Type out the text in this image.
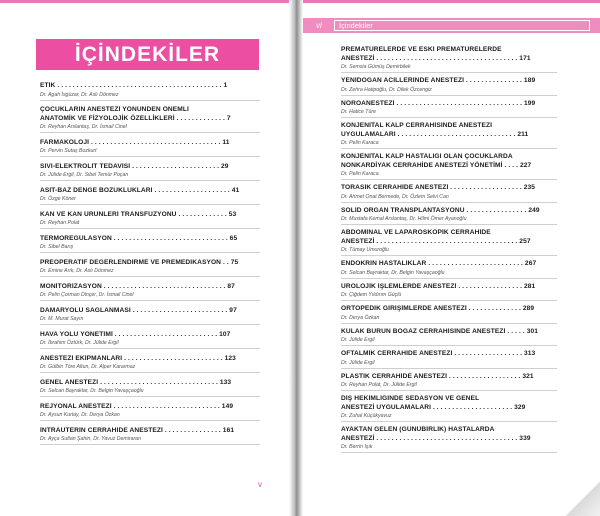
İÇİNDEKİLER
ETİK . . . . . . . . . . . . . . . . . . . . . . . . . . . . . . . . . . . . . . . . . . . 1
Dr. Agah İsgüzar, Dr. Aslı Dönmez
ÇOCUKLARIN ANESTEZİ YÖNÜNDEN ÖNEMLİ
ANATOMİK VE FİZYOLOJİK ÖZELLİKLERİ . . . . . . . . . . . . . 7
Dr. Reyhan Arslantaş, Dr. İsmail Cinel
FARMAKOLOJİ . . . . . . . . . . . . . . . . . . . . . . . . . . . . . . . . . . 11
Dr. Pervin Sutaş Bozkurt
SIVI-ELEKTROLİT TEDAVİSİ . . . . . . . . . . . . . . . . . . . . . . . 29
Dr. Jülide Ergil, Dr. Sibel Temür Poçan
ASİT-BAZ DENGE BOZUKLUKLARI . . . . . . . . . . . . . . . . . . . . 41
Dr. Özge Köner
KAN VE KAN ÜRÜNLERİ TRANSFÜZYONU . . . . . . . . . . . . . 53
Dr. Reyhan Polat
TERMOREGÜLASYON . . . . . . . . . . . . . . . . . . . . . . . . . . . . . . 65
Dr. Sibel Barış
PREOPERATİF DEĞERLENDİRME VE PREMEDİKASYON . . 75
Dr. Emine Arık, Dr. Aslı Dönmez
MONİTÖRİZASYON . . . . . . . . . . . . . . . . . . . . . . . . . . . . . . . . 87
Dr. Pelin Çorman Dinçer, Dr. İsmail Cinel
DAMARYOLU SAĞLANMASI . . . . . . . . . . . . . . . . . . . . . . . . . 97
Dr. M. Murat Sayın
HAVA YOLU YÖNETİMİ . . . . . . . . . . . . . . . . . . . . . . . . . . . 107
Dr. İbrahim Öztürk, Dr. Jülide Ergil
ANESTEZİ EKİPMANLARI . . . . . . . . . . . . . . . . . . . . . . . . . . 123
Dr. Gülbin Töre Altun, Dr. Alper Kararmaz
GENEL ANESTEZİ . . . . . . . . . . . . . . . . . . . . . . . . . . . . . . . 133
Dr. Selcan Bayraktar, Dr. Belgin Yavaşçaoğlu
REJYONAL ANESTEZİ . . . . . . . . . . . . . . . . . . . . . . . . . . . . 149
Dr. Aysun Kurtay, Dr. Derya Özkan
İNTRAUTERİN CERRAHİDE ANESTEZİ . . . . . . . . . . . . . . . 161
Dr. Ayça Sultan Şahin, Dr. Yavuz Demiraran
v
vi İçindekiler
PREMATÜRELERDE VE ESKİ PREMATÜRELERDE
ANESTEZİ . . . . . . . . . . . . . . . . . . . . . . . . . . . . . . . . . . . . . 171
Dr. Semsia Gümüş Demirbilek
YENİDOĞAN ACİLLERİNDE ANESTEZİ . . . . . . . . . . . . . . . 189
Dr. Zehra Hatipoğlu, Dr. Dilek Özcengiz
NÖROANESTEZİ . . . . . . . . . . . . . . . . . . . . . . . . . . . . . . . . . 199
Dr. Hatice Türe
KONJENİTAL KALP CERRAHİSİNDE ANESTEZİ
UYGULAMALARI . . . . . . . . . . . . . . . . . . . . . . . . . . . . . . . 211
Dr. Pelin Karaca
KONJENİTAL KALP HASTALIĞI OLAN ÇOCUKLARDA
NONKARDİYAK CERRAHİDE ANESTEZİ YÖNETİMİ . . . . 227
Dr. Pelin Karaca
TORASİK CERRAHİDE ANESTEZİ . . . . . . . . . . . . . . . . . . . 235
Dr. Ahmet Onat Bermede, Dr. Özlem Selvi Can
SOLİD ORGAN TRANSPLANTASYONU . . . . . . . . . . . . . . . . 249
Dr. Mustafa Kemal Arslantaş, Dr. Hilmi Ömer Ayanoğlu
ABDOMİNAL VE LAPAROSKOPİK CERRAHİDE
ANESTEZİ . . . . . . . . . . . . . . . . . . . . . . . . . . . . . . . . . . . . . 257
Dr. Tümay Umuroğlu
ENDOKRİN HASTALIKLAR . . . . . . . . . . . . . . . . . . . . . . . . . 267
Dr. Selcan Bayraktar, Dr. Belgin Yavaşçaoğlu
ÜROLOJİK İŞLEMLERDE ANESTEZİ . . . . . . . . . . . . . . . . . 281
Dr. Çiğdem Yıldırım Güçlü
ORTOPEDİK GİRİŞİMLERDE ANESTEZİ . . . . . . . . . . . . . . 289
Dr. Derya Özkan
KULAK BURUN BOĞAZ CERRAHİSİNDE ANESTEZİ . . . . . 301
Dr. Jülide Ergil
OFTALMİK CERRAHİDE ANESTEZİ . . . . . . . . . . . . . . . . . . 313
Dr. Jülide Ergil
PLASTİK CERRAHİDE ANESTEZİ . . . . . . . . . . . . . . . . . . . 321
Dr. Reyhan Polat, Dr. Jülide Ergil
DİŞ HEKİMLİĞİNDE SEDASYON VE GENEL
ANESTEZİ UYGULAMALARI . . . . . . . . . . . . . . . . . . . . . 329
Dr. Zuhal Küçükyavuz
AYAKTAN GELEN (GÜNÜBİRLİK) HASTALARDA
ANESTEZİ . . . . . . . . . . . . . . . . . . . . . . . . . . . . . . . . . . . . . 339
Dr. Berrin Işık
